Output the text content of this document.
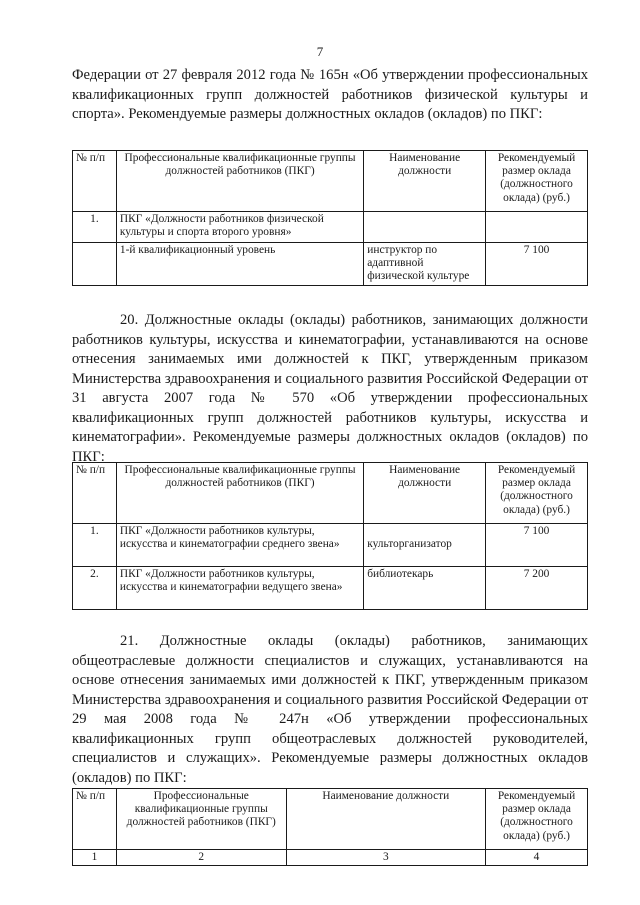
7

Федерации от 27 февраля 2012 года № 165н «Об утверждении профессиональных квалификационных групп должностей работников физической культуры и спорта». Рекомендуемые размеры должностных окладов (окладов) по ПКГ:

№ п/п	Профессиональные квалификационные группы должностей работников (ПКГ)	Наименование должности	Рекомендуемый размер оклада (должностного оклада) (руб.)
1.	ПКГ «Должности работников физической культуры и спорта второго уровня»		
	1-й квалификационный уровень	инструктор по адаптивной физической культуре	7 100

20. Должностные оклады (оклады) работников, занимающих должности работников культуры, искусства и кинематографии, устанавливаются на основе отнесения занимаемых ими должностей к ПКГ, утвержденным приказом Министерства здравоохранения и социального развития Российской Федерации от 31 августа 2007 года № 570 «Об утверждении профессиональных квалификационных групп должностей работников культуры, искусства и кинематографии». Рекомендуемые размеры должностных окладов (окладов) по ПКГ:

№ п/п	Профессиональные квалификационные группы должностей работников (ПКГ)	Наименование должности	Рекомендуемый размер оклада (должностного оклада) (руб.)
1.	ПКГ «Должности работников культуры, искусства и кинематографии среднего звена»	культорганизатор	7 100
2.	ПКГ «Должности работников культуры, искусства и кинематографии ведущего звена»	библиотекарь	7 200

21. Должностные оклады (оклады) работников, занимающих общеотраслевые должности специалистов и служащих, устанавливаются на основе отнесения занимаемых ими должностей к ПКГ, утвержденным приказом Министерства здравоохранения и социального развития Российской Федерации от 29 мая 2008 года № 247н «Об утверждении профессиональных квалификационных групп общеотраслевых должностей руководителей, специалистов и служащих». Рекомендуемые размеры должностных окладов (окладов) по ПКГ:

№ п/п	Профессиональные квалификационные группы должностей работников (ПКГ)	Наименование должности	Рекомендуемый размер оклада (должностного оклада) (руб.)
1	2	3	4
